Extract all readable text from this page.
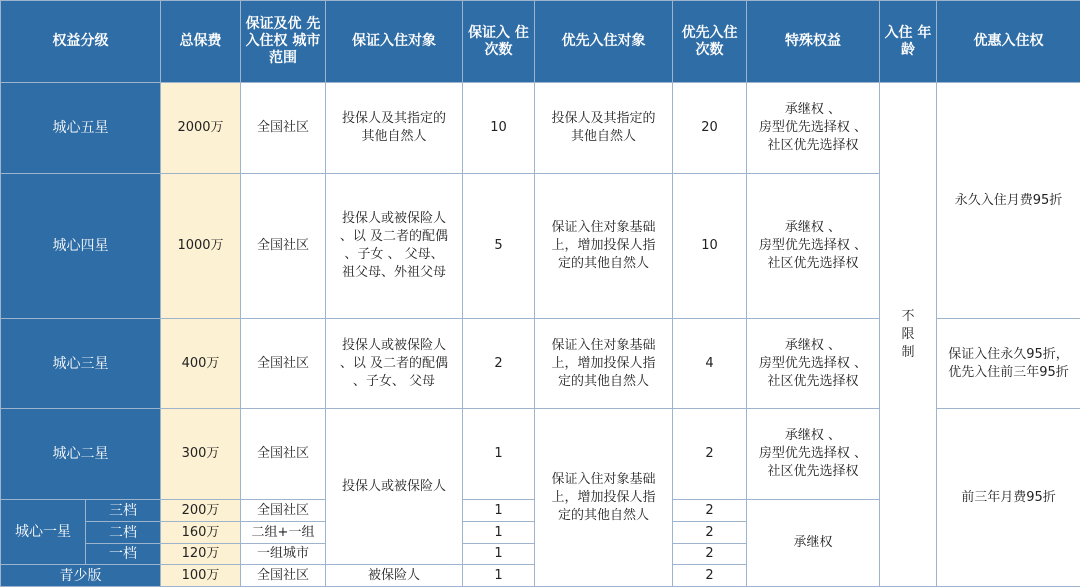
权益分级		总保费	保证及优 先入住权 城市范围	保证入住对象	保证入 住次数	优先入住对象	优先入住 次数	特殊权益	入住 年龄	优惠入住权
城心五星		2000万	全国社区	投保人及其指定的
其他自然人	10	投保人及其指定的
其他自然人	20	承继权 、
房型优先选择权 、
社区优先选择权	不
限
制	永久入住月费95折
城心四星		1000万	全国社区	投保人或被保险人
、以 及二者的配偶
、子女 、 父母、
祖父母、外祖父母	5	保证入住对象基础
上，增加投保人指
定的其他自然人	10	承继权 、
房型优先选择权 、
社区优先选择权		
城心三星		400万	全国社区	投保人或被保险人
、以 及二者的配偶
、子女、 父母	2	保证入住对象基础
上，增加投保人指
定的其他自然人	4	承继权 、
房型优先选择权 、
社区优先选择权		保证入住永久95折，
优先入住前三年95折
城心二星		300万	全国社区	投保人或被保险人	1	保证入住对象基础
上，增加投保人指
定的其他自然人	2	承继权 、
房型优先选择权 、
社区优先选择权		前三年月费95折
城心一星	三档	200万	全国社区		1		2	承继权		
	二档	160万	二组+一组		1		2			
	一档	120万	一组城市		1		2			
青少版		100万	全国社区	被保险人	1		2			
